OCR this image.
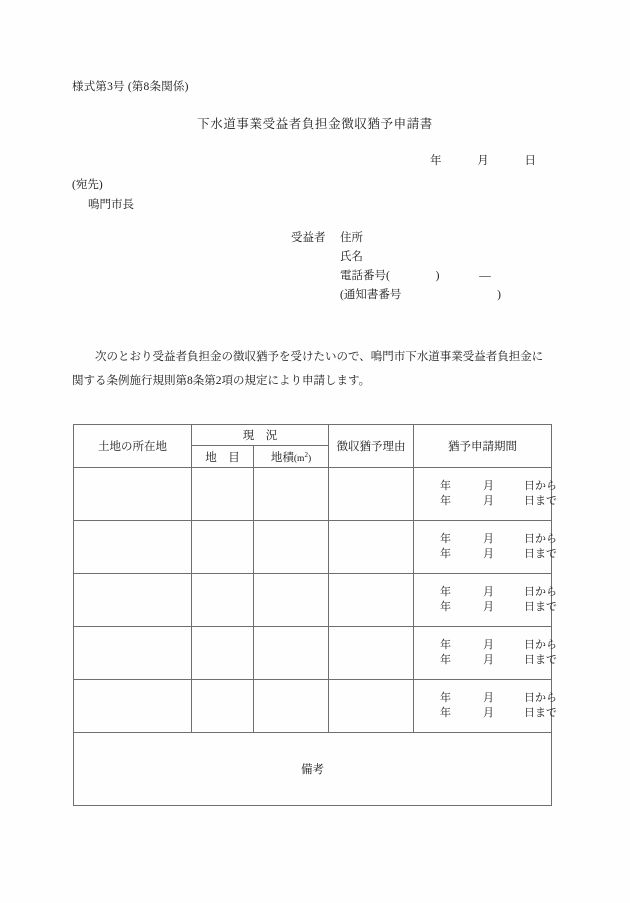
様式第3号 (第8条関係)
下水道事業受益者負担金徴収猶予申請書
年	月	日
(宛先)
鳴門市長
受益者 住所
氏名
電話番号(	)	—
(通知書番号	)
次のとおり受益者負担金の徴収猶予を受けたいので、鳴門市下水道事業受益者負担金に
関する条例施行規則第8条第2項の規定により申請します。
土地の所在地	現　況		徴収猶予理由	猶予申請期間
	地　目	地積$(m^2)$		

				年 月 日から
年 月 日まで

				年 月 日から
年 月 日まで

				年 月 日から
年 月 日まで

				年 月 日から
年 月 日まで

				年 月 日から
年 月 日まで

備考				
